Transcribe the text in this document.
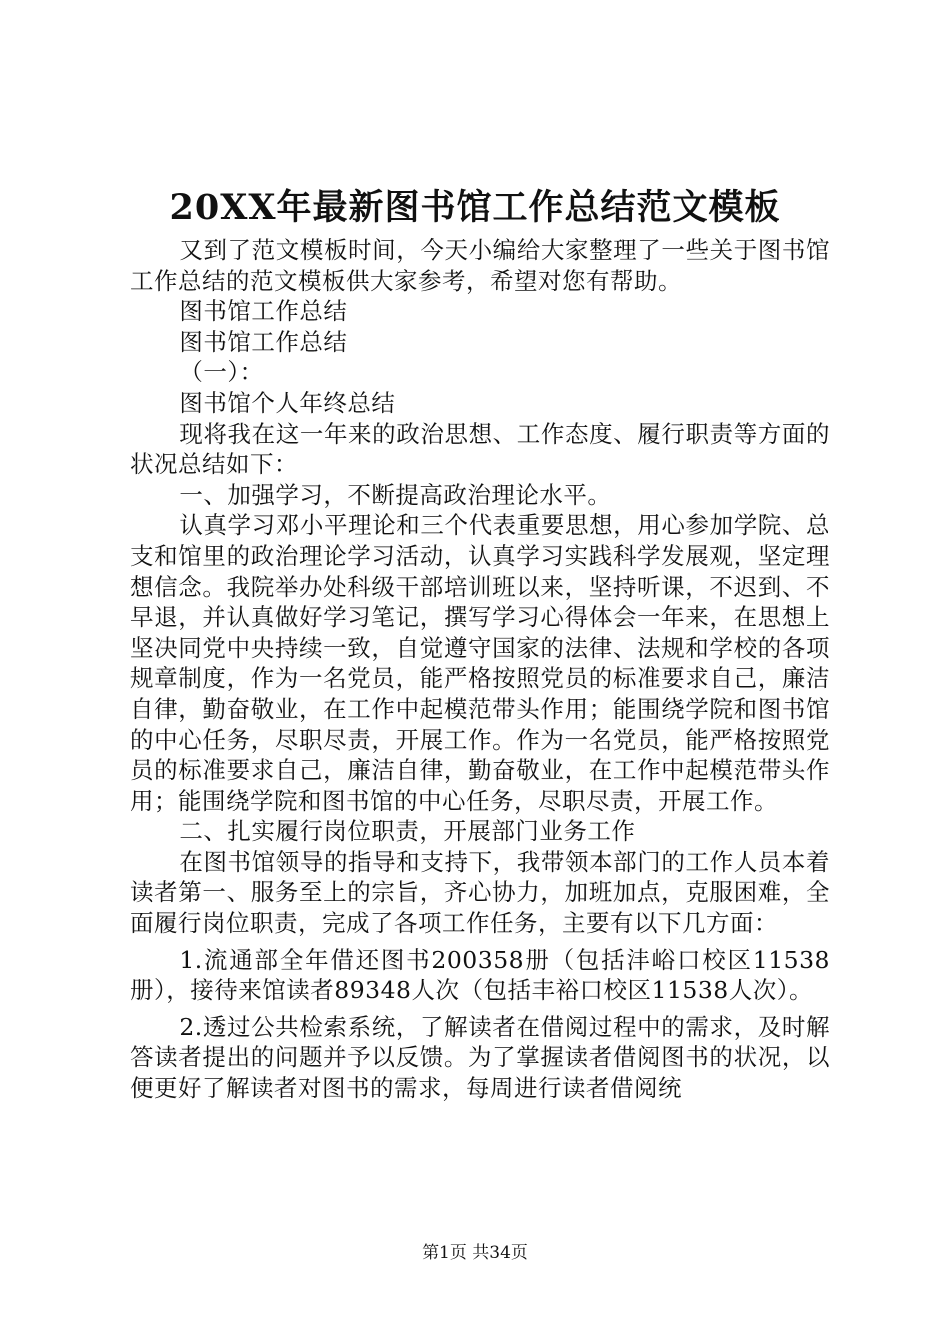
20XX年最新图书馆工作总结范文模板

又到了范文模板时间，今天小编给大家整理了一些关于图书馆工作总结的范文模板供大家参考，希望对您有帮助。

图书馆工作总结

图书馆工作总结

（一）：

图书馆个人年终总结

现将我在这一年来的政治思想、工作态度、履行职责等方面的状况总结如下：

一、加强学习，不断提高政治理论水平。

认真学习邓小平理论和三个代表重要思想，用心参加学院、总支和馆里的政治理论学习活动，认真学习实践科学发展观，坚定理想信念。我院举办处科级干部培训班以来，坚持听课，不迟到、不早退，并认真做好学习笔记，撰写学习心得体会一年来，在思想上坚决同党中央持续一致，自觉遵守国家的法律、法规和学校的各项规章制度，作为一名党员，能严格按照党员的标准要求自己，廉洁自律，勤奋敬业，在工作中起模范带头作用；能围绕学院和图书馆的中心任务，尽职尽责，开展工作。作为一名党员，能严格按照党员的标准要求自己，廉洁自律，勤奋敬业，在工作中起模范带头作用；能围绕学院和图书馆的中心任务，尽职尽责，开展工作。

二、扎实履行岗位职责，开展部门业务工作

在图书馆领导的指导和支持下，我带领本部门的工作人员本着读者第一、服务至上的宗旨，齐心协力，加班加点，克服困难，全面履行岗位职责，完成了各项工作任务，主要有以下几方面：

1.流通部全年借还图书200358册（包括沣峪口校区11538册），接待来馆读者89348人次（包括丰裕口校区11538人次）。

2.透过公共检索系统，了解读者在借阅过程中的需求，及时解答读者提出的问题并予以反馈。为了掌握读者借阅图书的状况，以便更好了解读者对图书的需求，每周进行读者借阅统

第1页 共34页
